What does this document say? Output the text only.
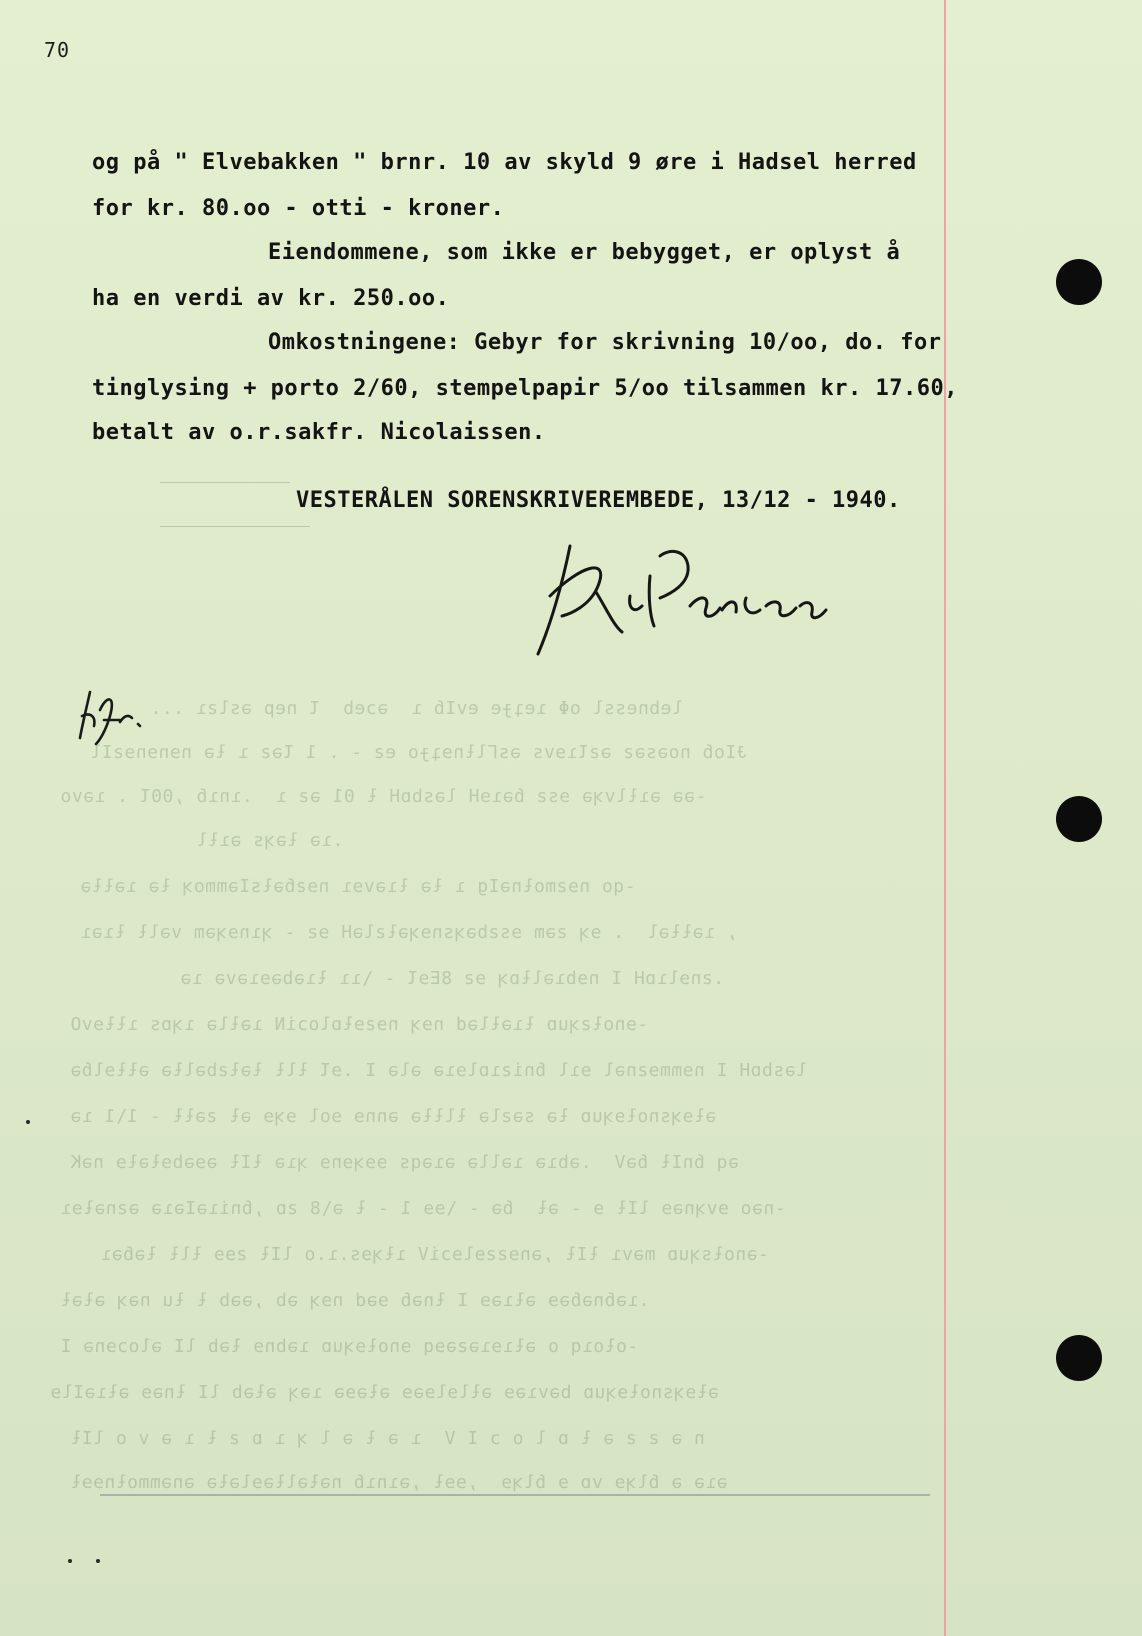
70
og på " Elvebakken " brnr. 10 av skyld 9 øre i Hadsel herred
for kr. 80.oo - otti - kroner.
Eiendommene, som ikke er bebygget, er oplyst å
ha en verdi av kr. 250.oo.
Omkostningene: Gebyr for skrivning 10/oo, do. for
tinglysing + porto 2/60, stempelpapir 5/oo tilsammen kr. 17.60,
betalt av o.r.sakfr. Nicolaissen.
VESTERÅLEN SORENSKRIVEREMBEDE, 13/12 - 1940.
lebnessl oΦ ɿeʇɟe evIɓ ɿ  ǝɔeb  Ɩ nep ǝslƨɿ ...
ɈIoɓ noǝsǝƨ ǝƨƖɿɘvs ǝsΓlƚnɘʇɟo eƨ - . 1 Ɩǝƨ ɿ ƚǝ nɘnɘnɘƨIl
-ǝǝ ǝɿƚlvʞǝ ɘsƨ ɓǝɿɘH lǝsbɒH ƚ 01 ǝƨ ɿ  .ɿnɿɓ ,00Ɩ . ɿǝvo
.ɿǝ ƚǝʞs ǝɿƚl
-qo nɘƨmoƚnǝIg ɿ ƚǝ ƚɿǝvɘɿ nɘƨɓǝƚsIǝmmoʞ ƚǝ ɿǝƚƚǝ
, ɿǝƚƚǝl  . ɘʞ ƨǝm ɘsƨbǝʞsnɘʞǝƚƨlǝH ɘƨ - ʞɿnɘʞǝm vǝlƚ ƚɿǝɿ
.ƨnɘlɿɒH I nɘbɿǝlƚɒʞ ɘƨ 8EɘƖ - \ɿɿ ƚɿǝbǝɘɿǝvǝ ɿǝ
-ɘnoƚƨʞuɒ ƚɿǝƚlǝd nɘʞ nɘƨɘƚɒloɔiN ɿǝƚlǝ ɿʞɒs ɿƚƚɘvO
lǝsbɒH I nɘmmɘƨnǝl ɘɿl ɓniƨɿɒlɘɿǝ ǝlǝ I .ɘƖ ƚlƚ ƚǝƚƨbǝlƚǝ ǝƚƚɘlɓǝ
ǝƚɘʞsnoƚɘʞuɒ ƚǝ sǝƨlǝ ƚlƚƚǝ ǝnnɘ ɘol ɘʞɘ ǝƚ ƨǝƚƚ - 1\1 ɿǝ
ǝq ɓnIƚ ɓǝV  .ǝbɿǝ ɿǝllǝ ǝɿǝqs ɘɘʞɘnɘ ʞɿǝ ƚIƚ ǝɘǝbɘƚǝƚɘ nǝK
-nǝo ɘvʞnǝɘ lIƚ ɘ - ǝƚ  ɓǝ - \ɘɘ 1 - ƚ ǝ\8 ƨɒ ,ɓniɿǝIǝɿǝ ǝƨnǝƚɘɿ
-ǝnoƚsʞuɒ mǝvɿ ƚIƚ ,ǝnɘƨƨɘlɘɔiV ɿƚʞɘs.ɿ.o lIƚ ƨɘɘ ƚlƚ ƚǝɓǝɿ
.ɿǝɓnǝɓǝɘ ǝƚɿǝɘ I ƚnǝɓ ɘǝd nɘʞ ǝb ,ǝǝb ƚ ƚu nǝʞ ǝƚǝƚ
-oƚoɿq o ǝƚɿɘɿǝƨǝɘq ɘnoƚɘʞuɒ ɿǝbnɘ ƚǝb lI ǝloɔɘnǝ I
ǝƚɘʞsnoƚɘʞuɒ bǝvɿǝɘ ǝƚlɘlɘǝɘ ǝƚǝɘǝ ɿǝʞ ǝƚǝb lI ƚnǝɘ ǝƚɿǝIlɘ
n ǝ ƨ ƨ ǝ ƚ ɒ l o ɔ I V  ɿ ǝ ƚ ǝ l ʞ ɿ ɒ ƨ ƚ ɿ ǝ v o lIƚ
ǝɿǝ ǝ ɓlʞɘ vɒ ɘ ɓlʞɘ  ,ɘɘƚ ,ǝɿnɿɓ nǝƚǝlƚǝɘlǝƚǝ ǝnǝmmoƚnɘɘƚ
